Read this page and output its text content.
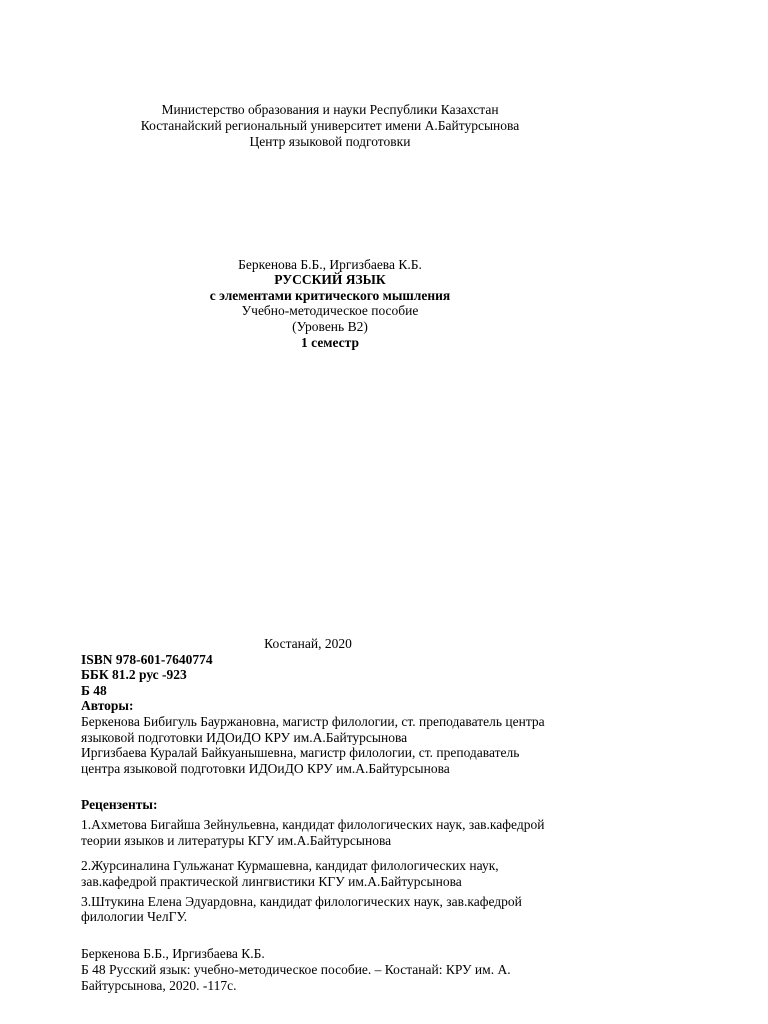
Министерство образования и науки Республики Казахстан
Костанайский региональный университет имени А.Байтурсынова
Центр языковой подготовки
Беркенова Б.Б., Иргизбаева К.Б.
РУССКИЙ ЯЗЫК
с элементами критического мышления
Учебно-методическое пособие
(Уровень В2)
1 семестр
Костанай, 2020
ISBN 978-601-7640774
ББК 81.2 рус -923
Б 48
Авторы:
Беркенова Бибигуль Бауржановна, магистр филологии, ст. преподаватель центра
языковой подготовки ИДОиДО КРУ им.А.Байтурсынова
Иргизбаева Куралай Байкуанышевна, магистр филологии, ст. преподаватель
центра языковой подготовки ИДОиДО КРУ им.А.Байтурсынова
Рецензенты:
1.Ахметова Бигайша Зейнульевна, кандидат филологических наук, зав.кафедрой
теории языков и литературы КГУ им.А.Байтурсынова
2.Журсиналина Гульжанат Курмашевна, кандидат филологических наук,
зав.кафедрой практической лингвистики КГУ им.А.Байтурсынова
3.Штукина Елена Эдуардовна, кандидат филологических наук, зав.кафедрой
филологии ЧелГУ.
Беркенова Б.Б., Иргизбаева К.Б.
Б 48 Русский язык: учебно-методическое пособие. – Костанай: КРУ им. А.
Байтурсынова, 2020. -117с.
